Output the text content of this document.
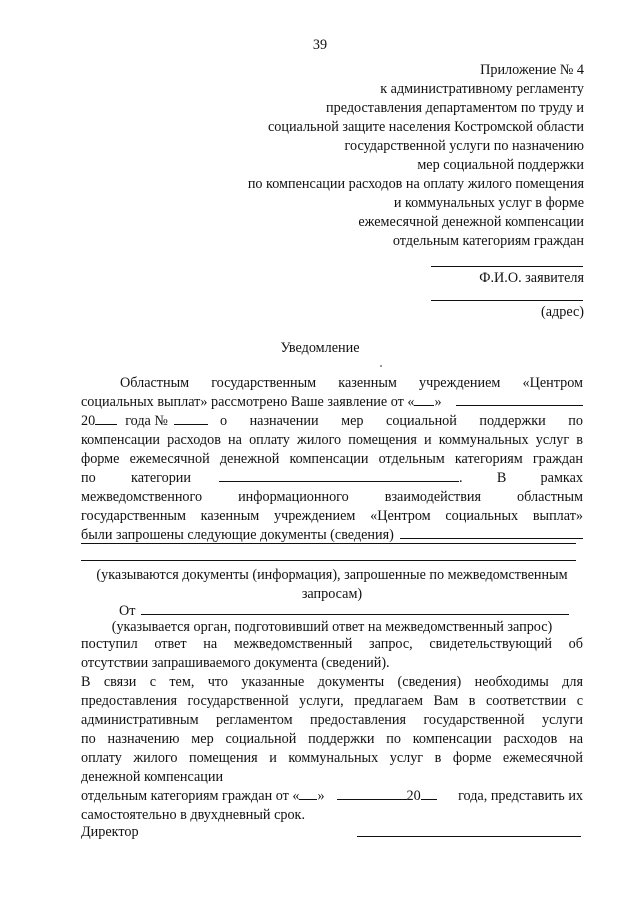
39
Приложение № 4
к административному регламенту
предоставления департаментом по труду и
социальной защите населения Костромской области
государственной услуги по назначению
мер социальной поддержки
по компенсации расходов на оплату жилого помещения
и коммунальных услуг в форме
ежемесячной денежной компенсации
отдельным категориям граждан
Ф.И.О. заявителя
(адрес)
Уведомление
Областным государственным казенным учреждением «Центром
социальных выплат» рассмотрено Ваше заявление от « »
20 года №	о назначении мер социальной поддержки по
компенсации расходов на оплату жилого помещения и коммунальных услуг в
форме ежемесячной денежной компенсации отдельным категориям граждан
по категории	. В рамках
межведомственного информационного взаимодействия областным
государственным казенным учреждением «Центром социальных выплат»
были запрошены следующие документы (сведения)
(указываются документы (информация), запрошенные по межведомственным
запросам)
От
(указывается орган, подготовивший ответ на межведомственный запрос)
поступил ответ на межведомственный запрос, свидетельствующий об
отсутствии запрашиваемого документа (сведений).
В связи с тем, что указанные документы (сведения) необходимы для
предоставления государственной услуги, предлагаем Вам в соответствии с
административным регламентом предоставления государственной услуги
по назначению мер социальной поддержки по компенсации расходов на
оплату жилого помещения и коммунальных услуг в форме ежемесячной
денежной компенсации
отдельным категориям граждан от « »	20	года, представить их
самостоятельно в двухдневный срок.
Директор
